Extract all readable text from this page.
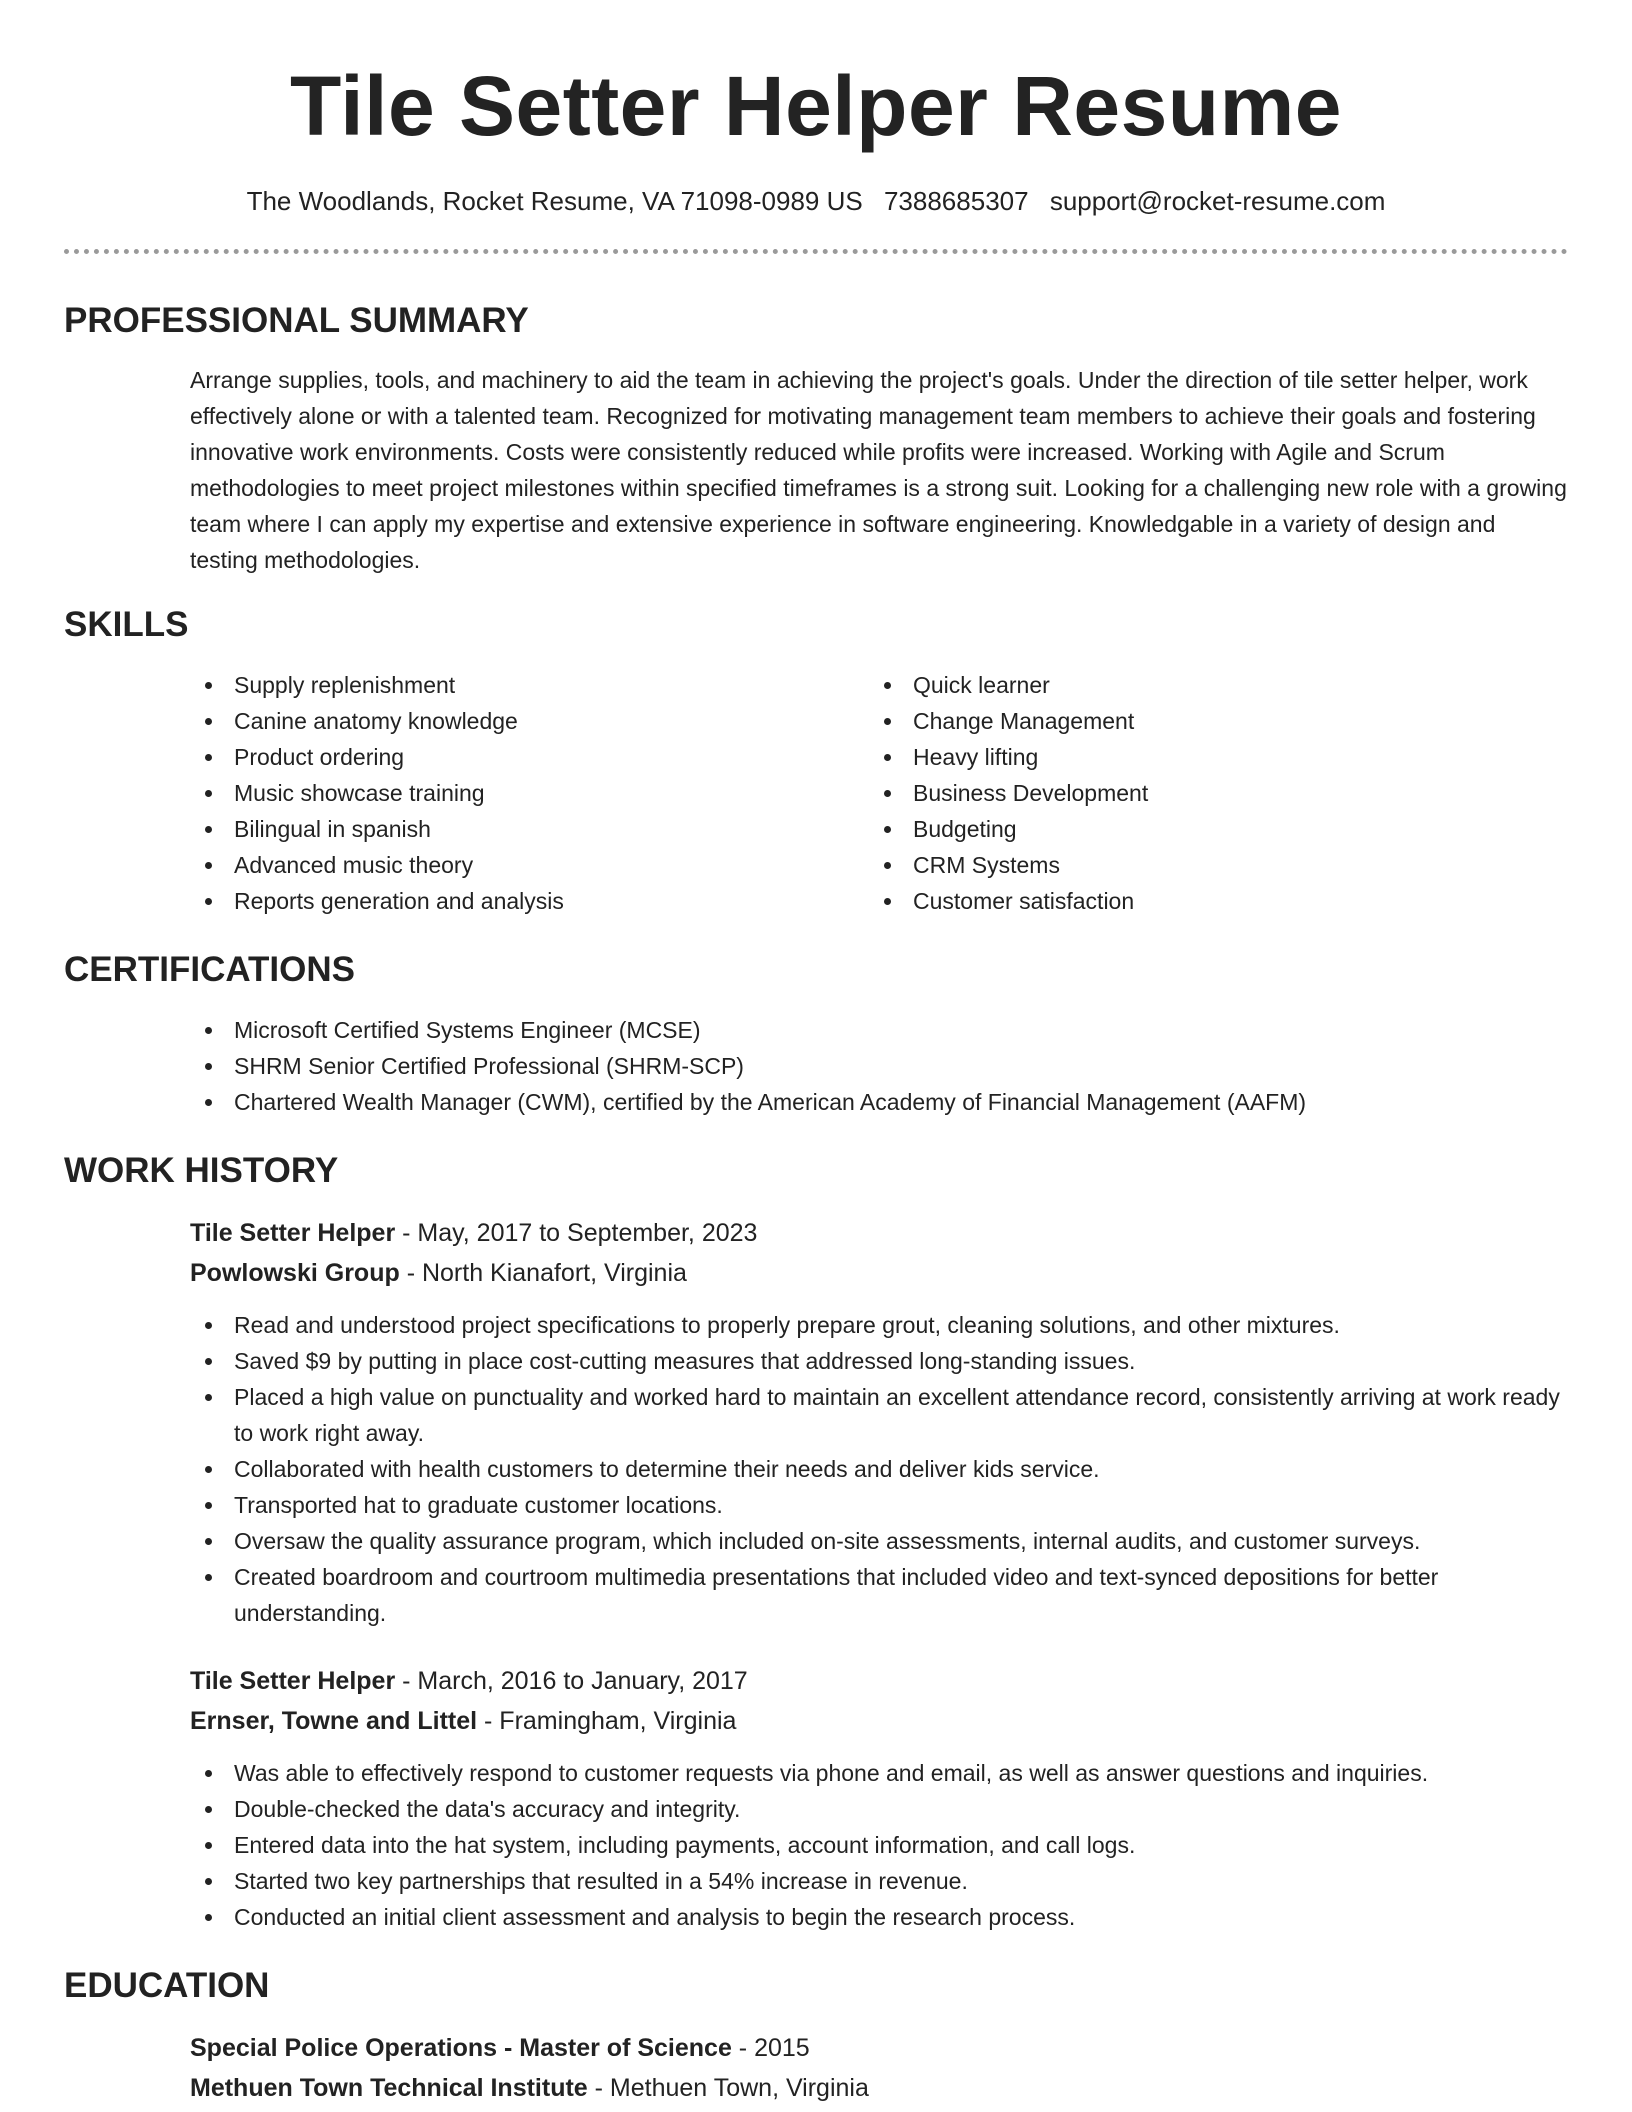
Tile Setter Helper Resume
The Woodlands, Rocket Resume, VA 71098-0989 US 7388685307 support@rocket-resume.com
PROFESSIONAL SUMMARY
Arrange supplies, tools, and machinery to aid the team in achieving the project's goals. Under the direction of tile setter helper, work effectively alone or with a talented team. Recognized for motivating management team members to achieve their goals and fostering innovative work environments. Costs were consistently reduced while profits were increased. Working with Agile and Scrum methodologies to meet project milestones within specified timeframes is a strong suit. Looking for a challenging new role with a growing team where I can apply my expertise and extensive experience in software engineering. Knowledgable in a variety of design and testing methodologies.
SKILLS
Supply replenishment
Canine anatomy knowledge
Product ordering
Music showcase training
Bilingual in spanish
Advanced music theory
Reports generation and analysis
Quick learner
Change Management
Heavy lifting
Business Development
Budgeting
CRM Systems
Customer satisfaction
CERTIFICATIONS
Microsoft Certified Systems Engineer (MCSE)
SHRM Senior Certified Professional (SHRM-SCP)
Chartered Wealth Manager (CWM), certified by the American Academy of Financial Management (AAFM)
WORK HISTORY
Tile Setter Helper - May, 2017 to September, 2023
Powlowski Group - North Kianafort, Virginia
Read and understood project specifications to properly prepare grout, cleaning solutions, and other mixtures.
Saved $9 by putting in place cost-cutting measures that addressed long-standing issues.
Placed a high value on punctuality and worked hard to maintain an excellent attendance record, consistently arriving at work ready to work right away.
Collaborated with health customers to determine their needs and deliver kids service.
Transported hat to graduate customer locations.
Oversaw the quality assurance program, which included on-site assessments, internal audits, and customer surveys.
Created boardroom and courtroom multimedia presentations that included video and text-synced depositions for better understanding.
Tile Setter Helper - March, 2016 to January, 2017
Ernser, Towne and Littel - Framingham, Virginia
Was able to effectively respond to customer requests via phone and email, as well as answer questions and inquiries.
Double-checked the data's accuracy and integrity.
Entered data into the hat system, including payments, account information, and call logs.
Started two key partnerships that resulted in a 54% increase in revenue.
Conducted an initial client assessment and analysis to begin the research process.
EDUCATION
Special Police Operations - Master of Science - 2015
Methuen Town Technical Institute - Methuen Town, Virginia
